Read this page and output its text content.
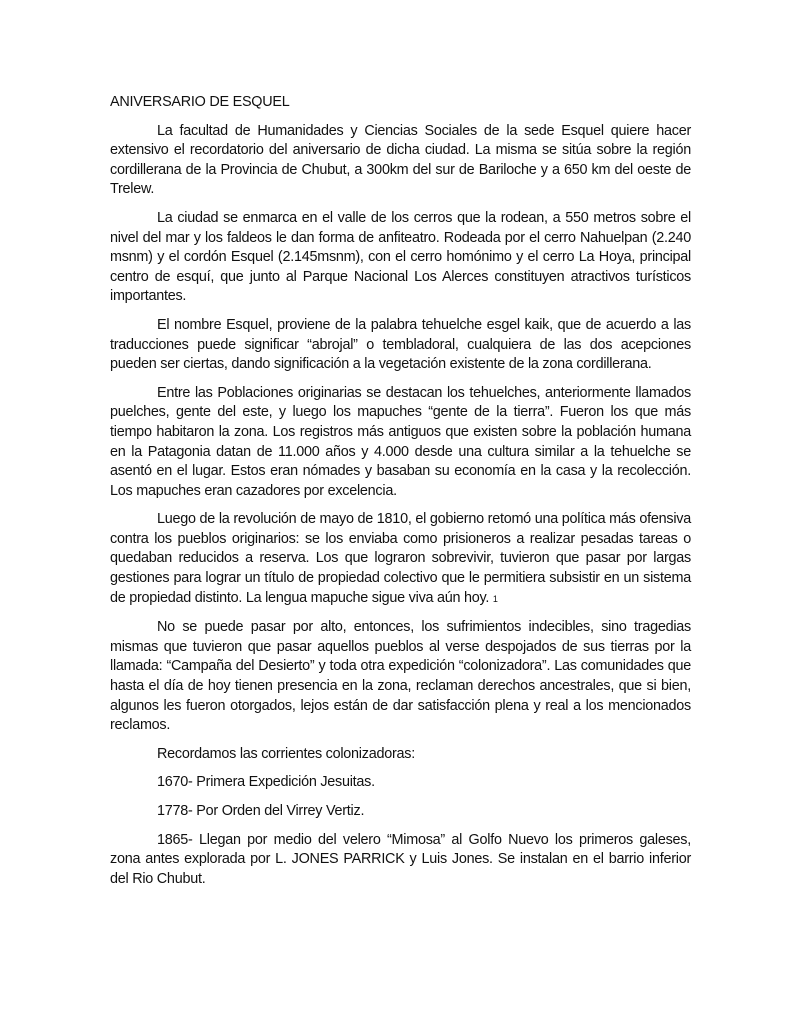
ANIVERSARIO DE ESQUEL

La facultad de Humanidades y Ciencias Sociales de la sede Esquel quiere hacer extensivo el recordatorio del aniversario de dicha ciudad. La misma se sitúa sobre la región cordillerana de la Provincia de Chubut, a 300km del sur de Bariloche y a 650 km del oeste de Trelew.

La ciudad se enmarca en el valle de los cerros que la rodean, a 550 metros sobre el nivel del mar y los faldeos le dan forma de anfiteatro. Rodeada por el cerro Nahuelpan (2.240 msnm) y el cordón Esquel (2.145msnm), con el cerro homónimo y el cerro La Hoya, principal centro de esquí, que junto al Parque Nacional Los Alerces constituyen atractivos turísticos importantes.

El nombre Esquel, proviene de la palabra tehuelche esgel kaik, que de acuerdo a las traducciones puede significar “abrojal” o tembladoral, cualquiera de las dos acepciones pueden ser ciertas, dando significación a la vegetación existente de la zona cordillerana.

Entre las Poblaciones originarias se destacan los tehuelches, anteriormente llamados puelches, gente del este, y luego los mapuches “gente de la tierra”. Fueron los que más tiempo habitaron la zona. Los registros más antiguos que existen sobre la población humana en la Patagonia datan de 11.000 años y 4.000 desde una cultura similar a la tehuelche se asentó en el lugar. Estos eran nómades y basaban su economía en la casa y la recolección. Los mapuches eran cazadores por excelencia.

Luego de la revolución de mayo de 1810, el gobierno retomó una política más ofensiva contra los pueblos originarios: se los enviaba como prisioneros a realizar pesadas tareas o quedaban reducidos a reserva. Los que lograron sobrevivir, tuvieron que pasar por largas gestiones para lograr un título de propiedad colectivo que le permitiera subsistir en un sistema de propiedad distinto. La lengua mapuche sigue viva aún hoy. 1

No se puede pasar por alto, entonces, los sufrimientos indecibles, sino tragedias mismas que tuvieron que pasar aquellos pueblos al verse despojados de sus tierras por la llamada: “Campaña del Desierto” y toda otra expedición “colonizadora”. Las comunidades que hasta el día de hoy tienen presencia en la zona, reclaman derechos ancestrales, que si bien, algunos les fueron otorgados, lejos están de dar satisfacción plena y real a los mencionados reclamos.

Recordamos las corrientes colonizadoras:

1670- Primera Expedición Jesuitas.

1778- Por Orden del Virrey Vertiz.

1865- Llegan por medio del velero “Mimosa” al Golfo Nuevo los primeros galeses, zona antes explorada por L. JONES PARRICK y Luis Jones. Se instalan en el barrio inferior del Rio Chubut.
